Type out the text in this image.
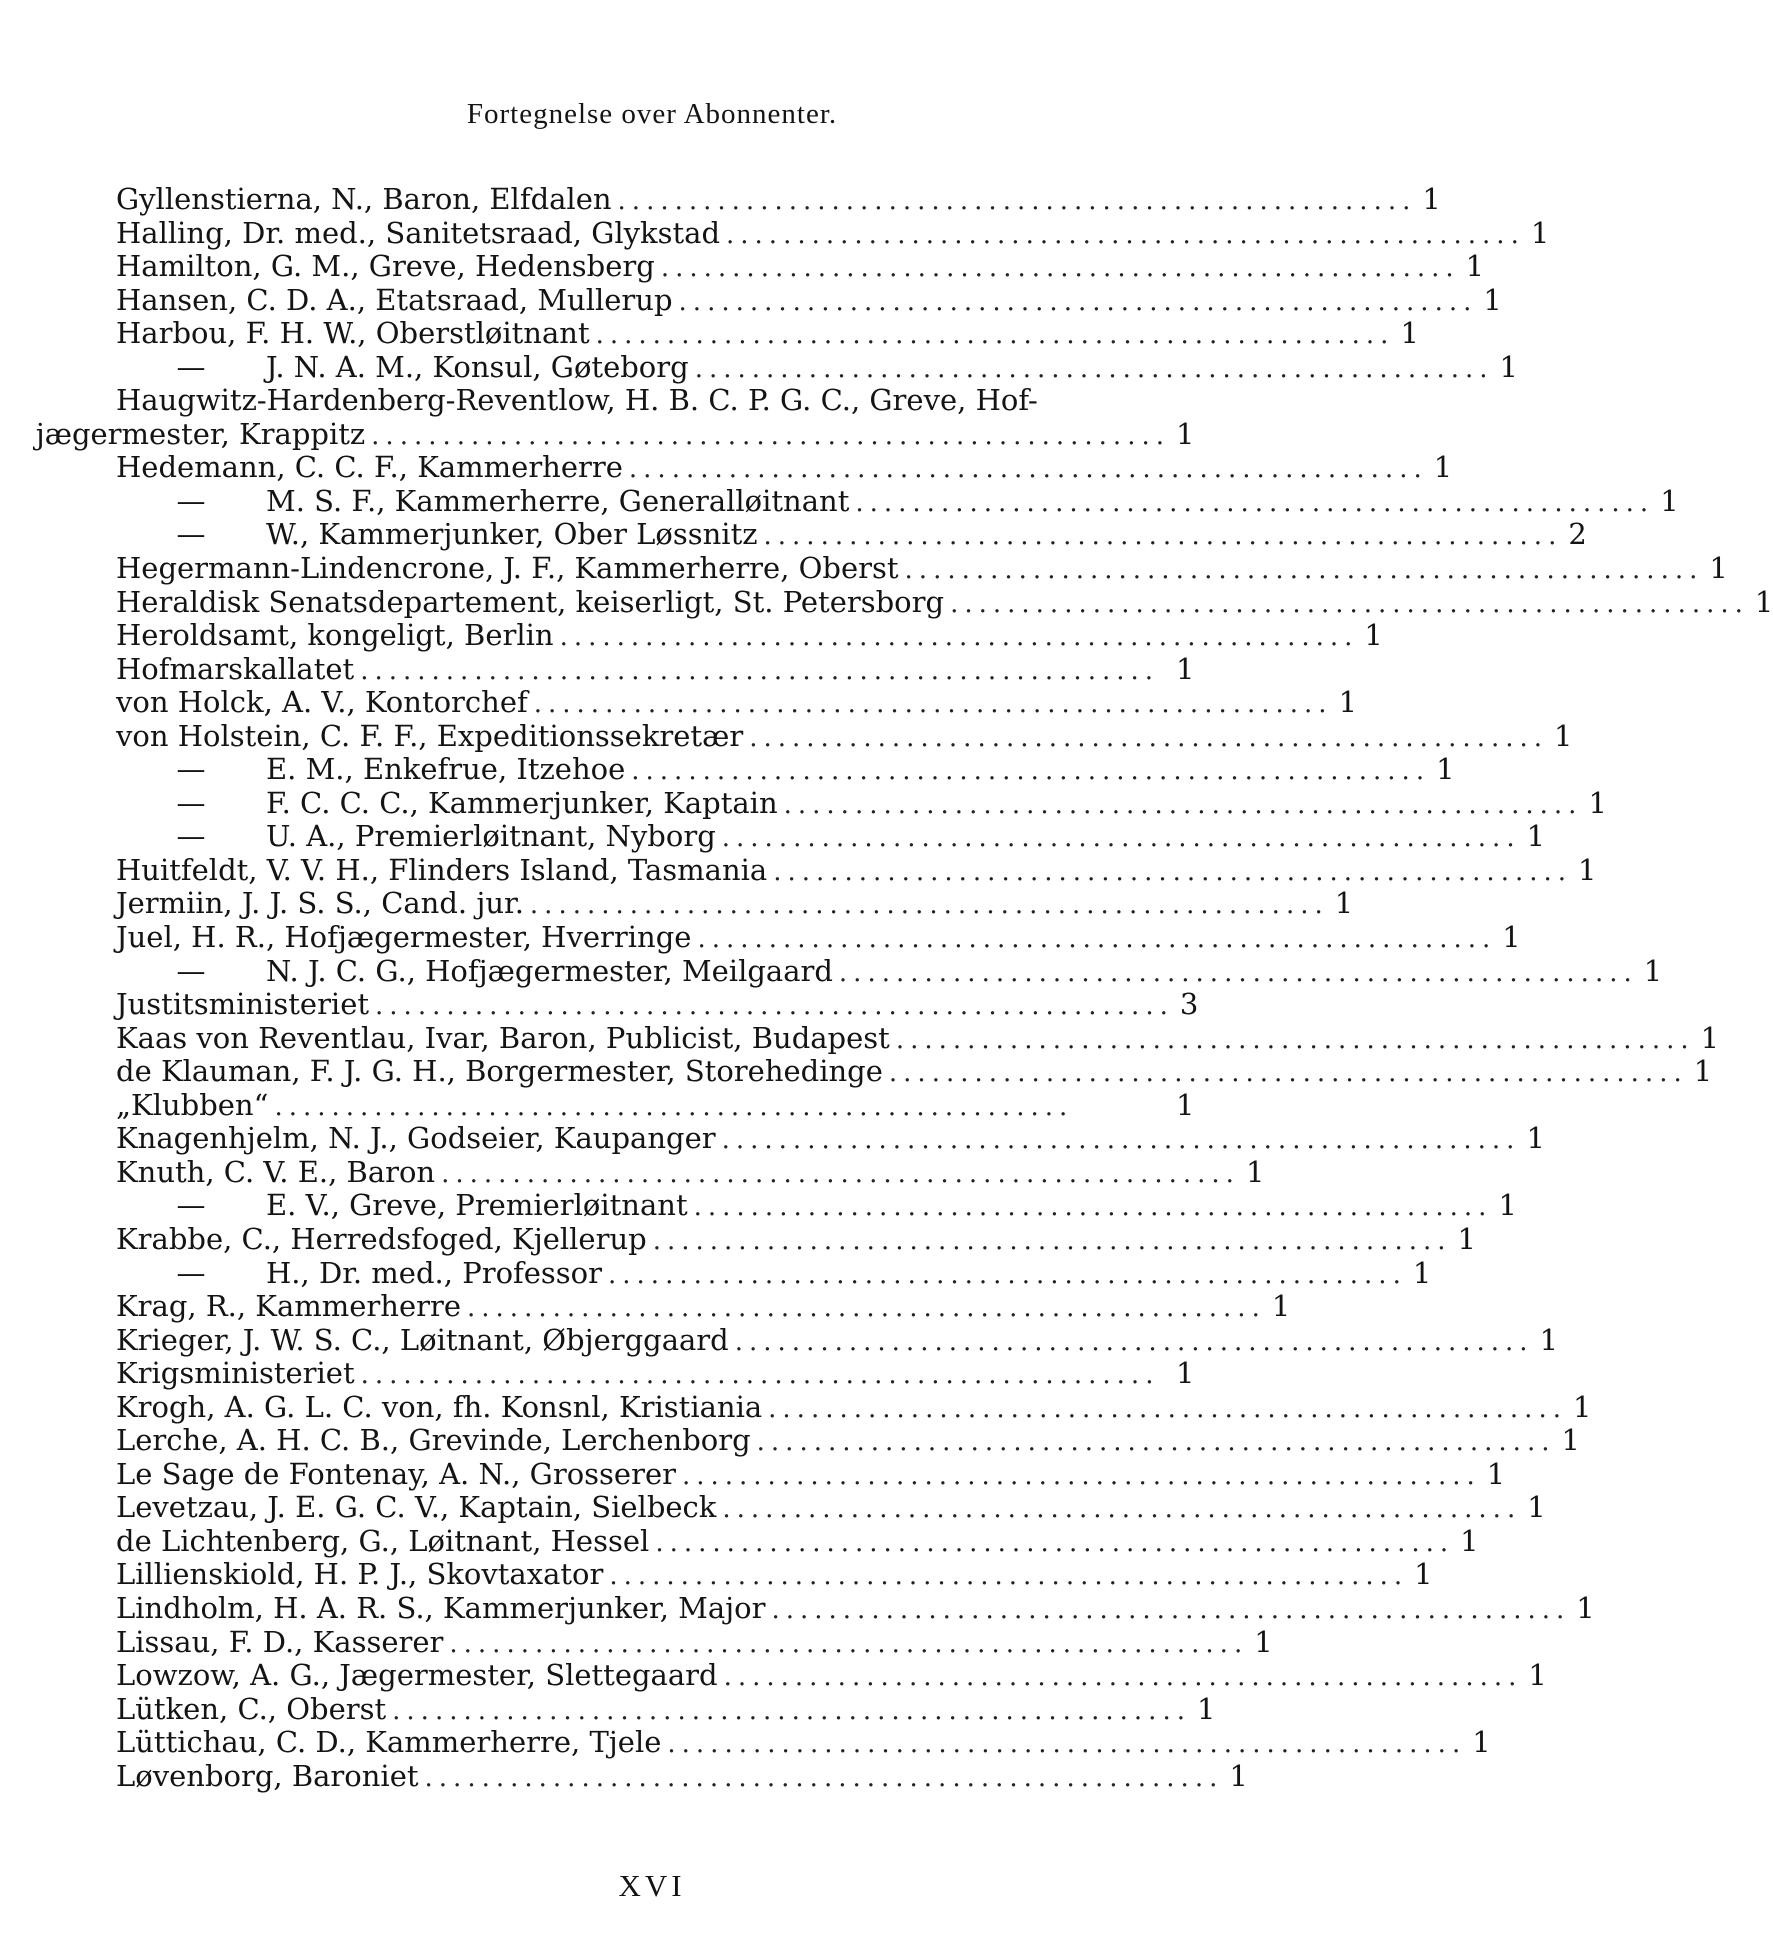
Fortegnelse over Abonnenter.
Gyllenstierna, N., Baron, Elfdalen ........................................................ 1
Halling, Dr. med., Sanitetsraad, Glykstad ........................................................ 1
Hamilton, G. M., Greve, Hedensberg ........................................................ 1
Hansen, C. D. A., Etatsraad, Mullerup ........................................................ 1
Harbou, F. H. W., Oberstløitnant ........................................................ 1
—	J. N. A. M., Konsul, Gøteborg ........................................................ 1
Haugwitz-Hardenberg-Reventlow, H. B. C. P. G. C., Greve, Hof-
jægermester, Krappitz ........................................................ 1
Hedemann, C. C. F., Kammerherre ........................................................ 1
—	M. S. F., Kammerherre, Generalløitnant ........................................................ 1
—	W., Kammerjunker, Ober Løssnitz ........................................................ 2
Hegermann-Lindencrone, J. F., Kammerherre, Oberst ........................................................ 1
Heraldisk Senatsdepartement, keiserligt, St. Petersborg ........................................................ 1
Heroldsamt, kongeligt, Berlin ........................................................ 1
Hofmarskallatet ........................................................ 1
von Holck, A. V., Kontorchef ........................................................ 1
von Holstein, C. F. F., Expeditionssekretær ........................................................ 1
—	E. M., Enkefrue, Itzehoe ........................................................ 1
—	F. C. C. C., Kammerjunker, Kaptain ........................................................ 1
—	U. A., Premierløitnant, Nyborg ........................................................ 1
Huitfeldt, V. V. H., Flinders Island, Tasmania ........................................................ 1
Jermiin, J. J. S. S., Cand. jur. ........................................................ 1
Juel, H. R., Hofjægermester, Hverringe ........................................................ 1
—	N. J. C. G., Hofjægermester, Meilgaard ........................................................ 1
Justitsministeriet ........................................................ 3
Kaas von Reventlau, Ivar, Baron, Publicist, Budapest ........................................................ 1
de Klauman, F. J. G. H., Borgermester, Storehedinge ........................................................ 1
„Klubben“ ........................................................	1
Knagenhjelm, N. J., Godseier, Kaupanger ........................................................ 1
Knuth, C. V. E., Baron ........................................................ 1
—	E. V., Greve, Premierløitnant ........................................................ 1
Krabbe, C., Herredsfoged, Kjellerup ........................................................ 1
—	H., Dr. med., Professor ........................................................ 1
Krag, R., Kammerherre ........................................................ 1
Krieger, J. W. S. C., Løitnant, Øbjerggaard ........................................................ 1
Krigsministeriet ........................................................ 1
Krogh, A. G. L. C. von, fh. Konsnl, Kristiania ........................................................ 1
Lerche, A. H. C. B., Grevinde, Lerchenborg ........................................................ 1
Le Sage de Fontenay, A. N., Grosserer ........................................................ 1
Levetzau, J. E. G. C. V., Kaptain, Sielbeck ........................................................ 1
de Lichtenberg, G., Løitnant, Hessel ........................................................ 1
Lillienskiold, H. P. J., Skovtaxator ........................................................ 1
Lindholm, H. A. R. S., Kammerjunker, Major ........................................................ 1
Lissau, F. D., Kasserer ........................................................ 1
Lowzow, A. G., Jægermester, Slettegaard ........................................................ 1
Lütken, C., Oberst ........................................................ 1
Lüttichau, C. D., Kammerherre, Tjele ........................................................ 1
Løvenborg, Baroniet ........................................................ 1
XVI
